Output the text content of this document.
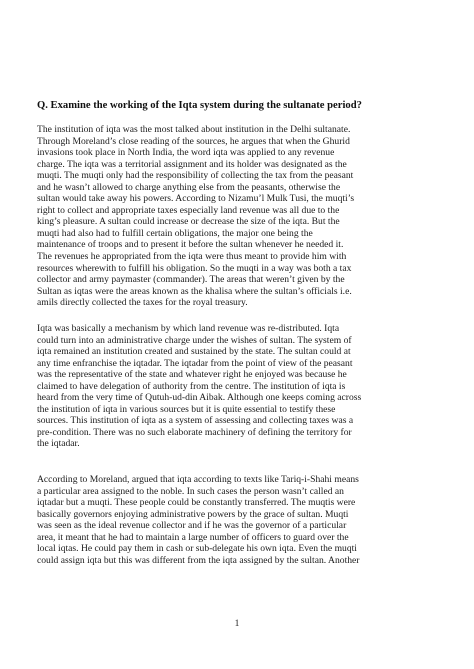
Q. Examine the working of the Iqta system during the sultanate period?
The institution of iqta was the most talked about institution in the Delhi sultanate.
Through Moreland’s close reading of the sources, he argues that when the Ghurid
invasions took place in North India, the word iqta was applied to any revenue
charge. The iqta was a territorial assignment and its holder was designated as the
muqti. The muqti only had the responsibility of collecting the tax from the peasant
and he wasn’t allowed to charge anything else from the peasants, otherwise the
sultan would take away his powers. According to Nizamu’l Mulk Tusi, the muqti’s
right to collect and appropriate taxes especially land revenue was all due to the
king’s pleasure. A sultan could increase or decrease the size of the iqta. But the
muqti had also had to fulfill certain obligations, the major one being the
maintenance of troops and to present it before the sultan whenever he needed it.
The revenues he appropriated from the iqta were thus meant to provide him with
resources wherewith to fulfill his obligation. So the muqti in a way was both a tax
collector and army paymaster (commander). The areas that weren’t given by the
Sultan as iqtas were the areas known as the khalisa where the sultan’s officials i.e.
amils directly collected the taxes for the royal treasury.
Iqta was basically a mechanism by which land revenue was re-distributed. Iqta
could turn into an administrative charge under the wishes of sultan. The system of
iqta remained an institution created and sustained by the state. The sultan could at
any time enfranchise the iqtadar. The iqtadar from the point of view of the peasant
was the representative of the state and whatever right he enjoyed was because he
claimed to have delegation of authority from the centre. The institution of iqta is
heard from the very time of Qutuh-ud-din Aibak. Although one keeps coming across
the institution of iqta in various sources but it is quite essential to testify these
sources. This institution of iqta as a system of assessing and collecting taxes was a
pre-condition. There was no such elaborate machinery of defining the territory for
the iqtadar.
According to Moreland, argued that iqta according to texts like Tariq-i-Shahi means
a particular area assigned to the noble. In such cases the person wasn’t called an
iqtadar but a muqti. These people could be constantly transferred. The muqtis were
basically governors enjoying administrative powers by the grace of sultan. Muqti
was seen as the ideal revenue collector and if he was the governor of a particular
area, it meant that he had to maintain a large number of officers to guard over the
local iqtas. He could pay them in cash or sub-delegate his own iqta. Even the muqti
could assign iqta but this was different from the iqta assigned by the sultan. Another
1
